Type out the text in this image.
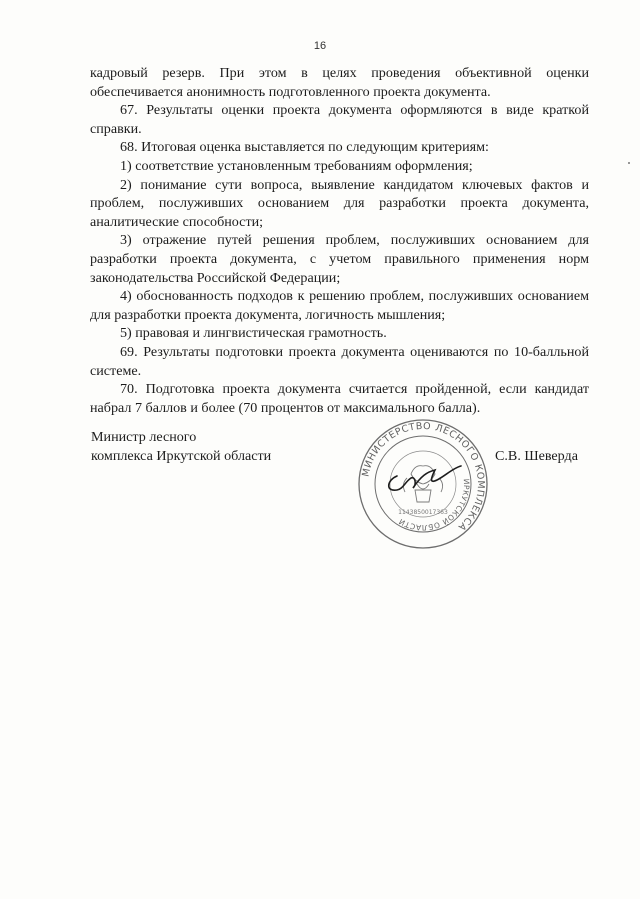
16

кадровый резерв. При этом в целях проведения объективной оценки обеспечивается анонимность подготовленного проекта документа.

67. Результаты оценки проекта документа оформляются в виде краткой справки.

68. Итоговая оценка выставляется по следующим критериям:

1) соответствие установленным требованиям оформления;

2) понимание сути вопроса, выявление кандидатом ключевых фактов и проблем, послуживших основанием для разработки проекта документа, аналитические способности;

3) отражение путей решения проблем, послуживших основанием для разработки проекта документа, с учетом правильного применения норм законодательства Российской Федерации;

4) обоснованность подходов к решению проблем, послуживших основанием для разработки проекта документа, логичность мышления;

5) правовая и лингвистическая грамотность.

69. Результаты подготовки проекта документа оцениваются по 10-балльной системе.

70. Подготовка проекта документа считается пройденной, если кандидат набрал 7 баллов и более (70 процентов от максимального балла).

Министр лесного
комплекса Иркутской области
МИНИСТЕРСТВО ЛЕСНОГО КОМПЛЕКСА
ИРКУТСКОЙ ОБЛАСТИ
1143850017363
С.В. Шеверда
